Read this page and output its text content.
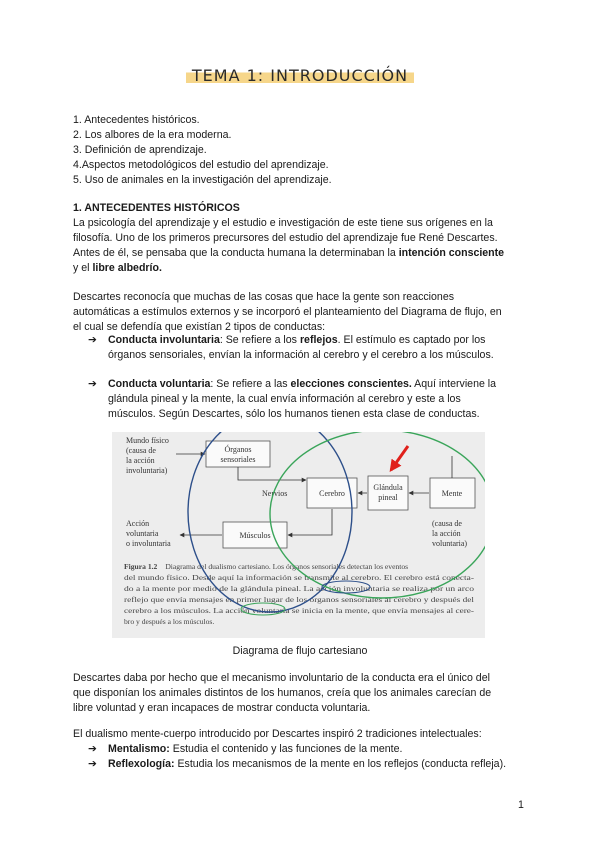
TEMA 1: INTRODUCCIÓN
1. Antecedentes históricos.
2. Los albores de la era moderna.
3. Definición de aprendizaje.
4.Aspectos metodológicos del estudio del aprendizaje.
5. Uso de animales en la investigación del aprendizaje.
1. ANTECEDENTES HISTÓRICOS
La psicología del aprendizaje y el estudio e investigación de este tiene sus orígenes en la
filosofía. Uno de los primeros precursores del estudio del aprendizaje fue René Descartes.
Antes de él, se pensaba que la conducta humana la determinaban la intención consciente
y el libre albedrío.
Descartes reconocía que muchas de las cosas que hace la gente son reacciones
automáticas a estímulos externos y se incorporó el planteamiento del Diagrama de flujo, en
el cual se defendía que existían 2 tipos de conductas:
➔ Conducta involuntaria: Se refiere a los reflejos. El estímulo es captado por los
órganos sensoriales, envían la información al cerebro y el cerebro a los músculos.
➔ Conducta voluntaria: Se refiere a las elecciones conscientes. Aquí interviene la
glándula pineal y la mente, la cual envía información al cerebro y este a los
músculos. Según Descartes, sólo los humanos tienen esta clase de conductas.
Mundo físico
(causa de
la acción
involuntaria)
Órganos
sensoriales
Cerebro
Glándula
pineal	Mente
Músculos
Nervios
Acción
voluntaria
o involuntaria
(causa de
la acción
voluntaria)
Figura 1.2 Diagrama del dualismo cartesiano. Los órganos sensoriales detectan los eventos
del mundo físico. Desde aquí la información se transmite al cerebro. El cerebro está conecta-
do a la mente por medio de la glándula pineal. La acción involuntaria se realiza por un arco
reflejo que envía mensajes en primer lugar de los órganos sensoriales al cerebro y después del
cerebro a los músculos. La acción voluntaria se inicia en la mente, que envía mensajes al cere-
bro y después a los músculos.
Diagrama de flujo cartesiano
Descartes daba por hecho que el mecanismo involuntario de la conducta era el único del
que disponían los animales distintos de los humanos, creía que los animales carecían de
libre voluntad y eran incapaces de mostrar conducta voluntaria.
El dualismo mente-cuerpo introducido por Descartes inspiró 2 tradiciones intelectuales:
➔ Mentalismo: Estudia el contenido y las funciones de la mente.
➔ Reflexología: Estudia los mecanismos de la mente en los reflejos (conducta refleja).
1
